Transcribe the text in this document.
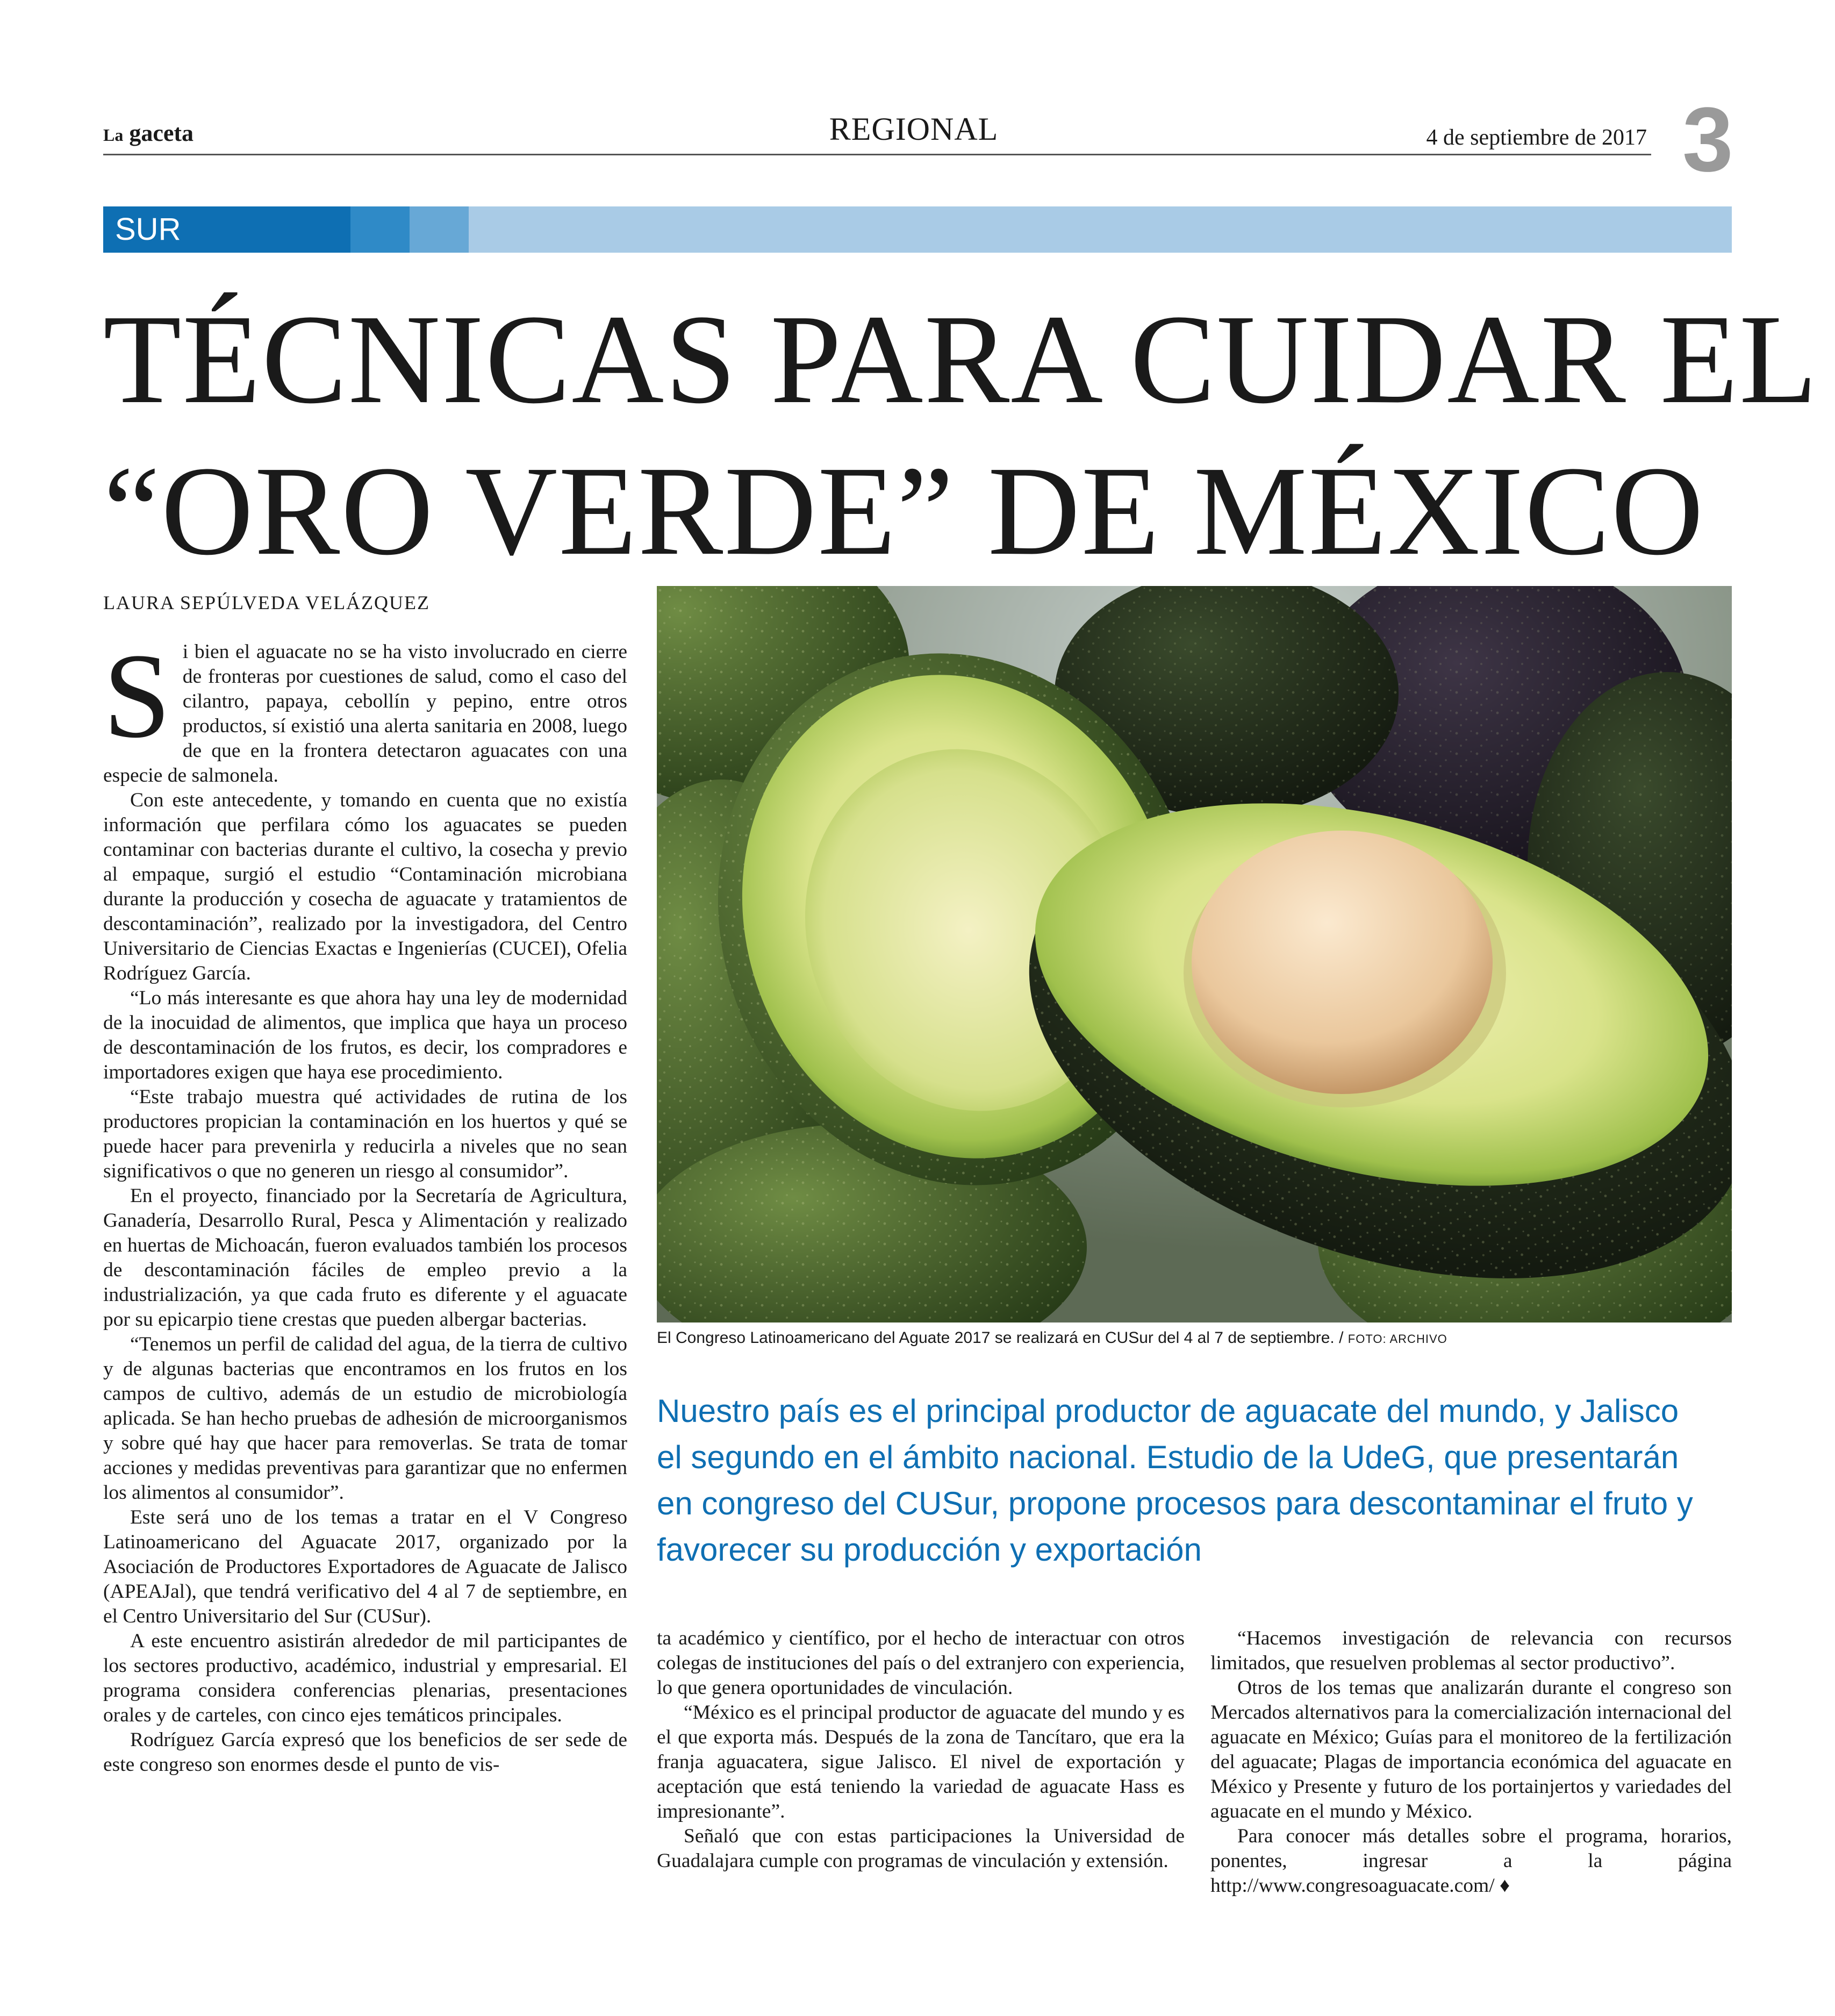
La gaceta	REGIONAL	4 de septiembre de 2017 3
SUR
TÉCNICAS PARA CUIDAR EL
“ORO VERDE” DE MÉXICO
LAURA SEPÚLVEDA VELÁZQUEZ
S i bien el aguacate no se ha visto involucrado en cierre de fronteras por cuestiones de salud, como el caso del cilantro, papaya, cebollín y pepino, entre otros productos, sí existió una alerta sanitaria en 2008, luego de que en la frontera detectaron aguacates con una especie de salmonela.

Con este antecedente, y tomando en cuenta que no existía información que perfilara cómo los aguacates se pueden contaminar con bacterias durante el cultivo, la cosecha y previo al empaque, surgió el estudio “Contaminación microbiana durante la producción y cosecha de aguacate y tratamientos de descontaminación”, realizado por la investigadora, del Centro Universitario de Ciencias Exactas e Ingenierías (CUCEI), Ofelia Rodríguez García.

“Lo más interesante es que ahora hay una ley de modernidad de la inocuidad de alimentos, que implica que haya un proceso de descontaminación de los frutos, es decir, los compradores e importadores exigen que haya ese procedimiento.

“Este trabajo muestra qué actividades de rutina de los productores propician la contaminación en los huertos y qué se puede hacer para prevenirla y reducirla a niveles que no sean significativos o que no generen un riesgo al consumidor”.

En el proyecto, financiado por la Secretaría de Agricultura, Ganadería, Desarrollo Rural, Pesca y Alimentación y realizado en huertas de Michoacán, fueron evaluados también los procesos de descontaminación fáciles de empleo previo a la industrialización, ya que cada fruto es diferente y el aguacate por su epicarpio tiene crestas que pueden albergar bacterias.

“Tenemos un perfil de calidad del agua, de la tierra de cultivo y de algunas bacterias que encontramos en los frutos en los campos de cultivo, además de un estudio de microbiología aplicada. Se han hecho pruebas de adhesión de microorganismos y sobre qué hay que hacer para removerlas. Se trata de tomar acciones y medidas preventivas para garantizar que no enfermen los alimentos al consumidor”.

Este será uno de los temas a tratar en el V Congreso Latinoamericano del Aguacate 2017, organizado por la Asociación de Productores Exportadores de Aguacate de Jalisco (APEAJal), que tendrá verificativo del 4 al 7 de septiembre, en el Centro Universitario del Sur (CUSur).

A este encuentro asistirán alrededor de mil participantes de los sectores productivo, académico, industrial y empresarial. El programa considera conferencias plenarias, presentaciones orales y de carteles, con cinco ejes temáticos principales.

Rodríguez García expresó que los beneficios de ser sede de este congreso son enormes desde el punto de vis-

El Congreso Latinoamericano del Aguate 2017 se realizará en CUSur del 4 al 7 de septiembre. / FOTO: ARCHIVO
Nuestro país es el principal productor de aguacate del mundo, y Jalisco
el segundo en el ámbito nacional. Estudio de la UdeG, que presentarán
en congreso del CUSur, propone procesos para descontaminar el fruto y
favorecer su producción y exportación

ta académico y científico, por el hecho de interactuar con otros colegas de instituciones del país o del extranjero con experiencia, lo que genera oportunidades de vinculación.

“México es el principal productor de aguacate del mundo y es el que exporta más. Después de la zona de Tancítaro, que era la franja aguacatera, sigue Jalisco. El nivel de exportación y aceptación que está teniendo la variedad de aguacate Hass es impresionante”.

Señaló que con estas participaciones la Universidad de Guadalajara cumple con programas de vinculación y extensión.

“Hacemos investigación de relevancia con recursos limitados, que resuelven problemas al sector productivo”.

Otros de los temas que analizarán durante el congreso son Mercados alternativos para la comercialización internacional del aguacate en México; Guías para el monitoreo de la fertilización del aguacate; Plagas de importancia económica del aguacate en México y Presente y futuro de los portainjertos y variedades del aguacate en el mundo y México.

Para conocer más detalles sobre el programa, horarios, ponentes, ingresar a la página http://www.congresoaguacate.com/ ♦
